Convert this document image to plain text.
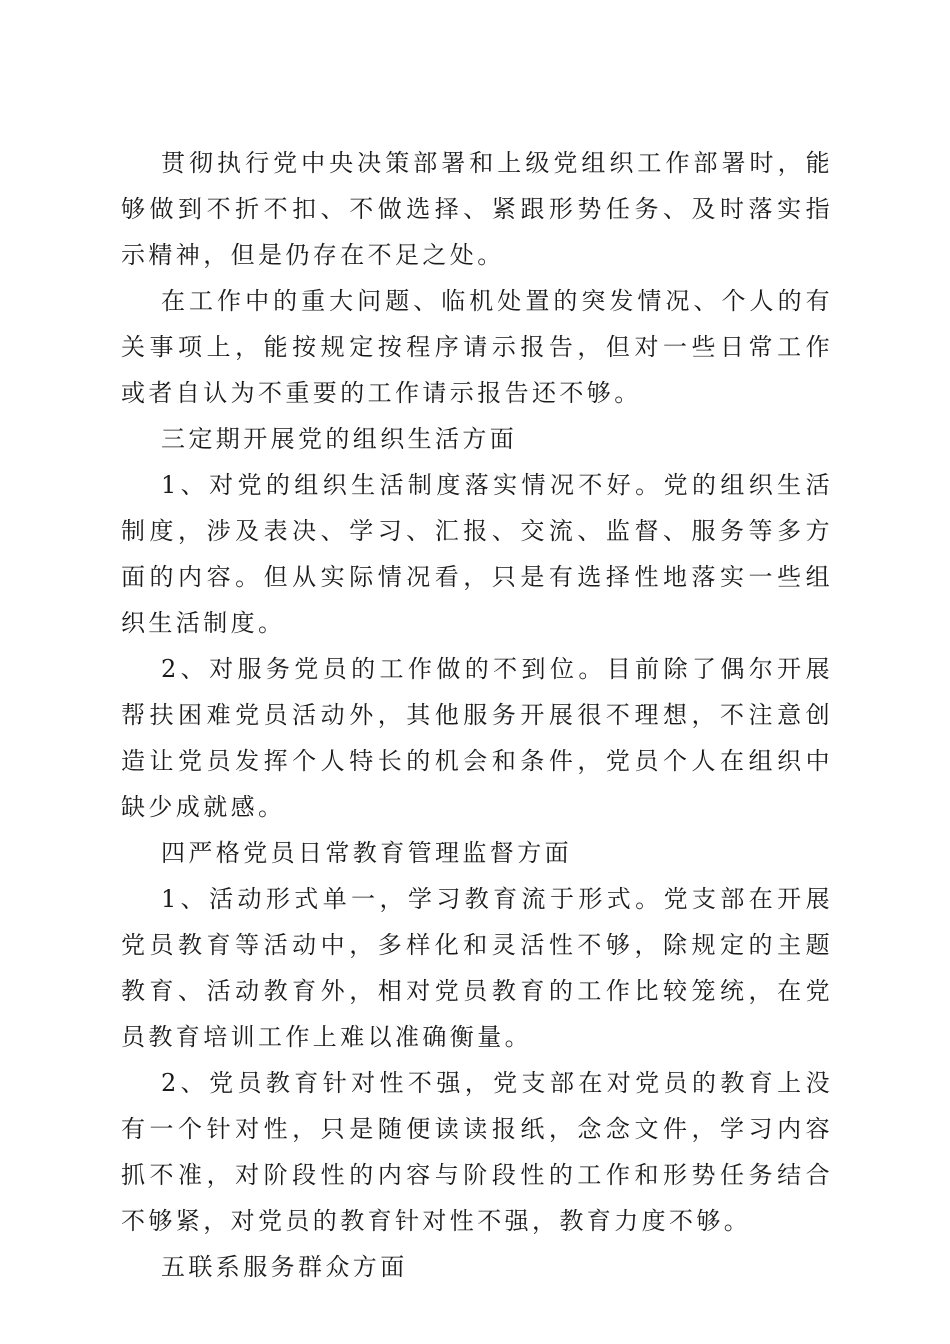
贯彻执行党中央决策部署和上级党组织工作部署时，能够做到不折不扣、不做选择、紧跟形势任务、及时落实指示精神，但是仍存在不足之处。

在工作中的重大问题、临机处置的突发情况、个人的有关事项上，能按规定按程序请示报告，但对一些日常工作或者自认为不重要的工作请示报告还不够。

三定期开展党的组织生活方面

1、对党的组织生活制度落实情况不好。党的组织生活制度，涉及表决、学习、汇报、交流、监督、服务等多方面的内容。但从实际情况看，只是有选择性地落实一些组织生活制度。

2、对服务党员的工作做的不到位。目前除了偶尔开展帮扶困难党员活动外，其他服务开展很不理想，不注意创造让党员发挥个人特长的机会和条件，党员个人在组织中缺少成就感。

四严格党员日常教育管理监督方面

1、活动形式单一，学习教育流于形式。党支部在开展党员教育等活动中，多样化和灵活性不够，除规定的主题教育、活动教育外，相对党员教育的工作比较笼统，在党员教育培训工作上难以准确衡量。

2、党员教育针对性不强，党支部在对党员的教育上没有一个针对性，只是随便读读报纸，念念文件，学习内容抓不准，对阶段性的内容与阶段性的工作和形势任务结合不够紧，对党员的教育针对性不强，教育力度不够。

五联系服务群众方面
